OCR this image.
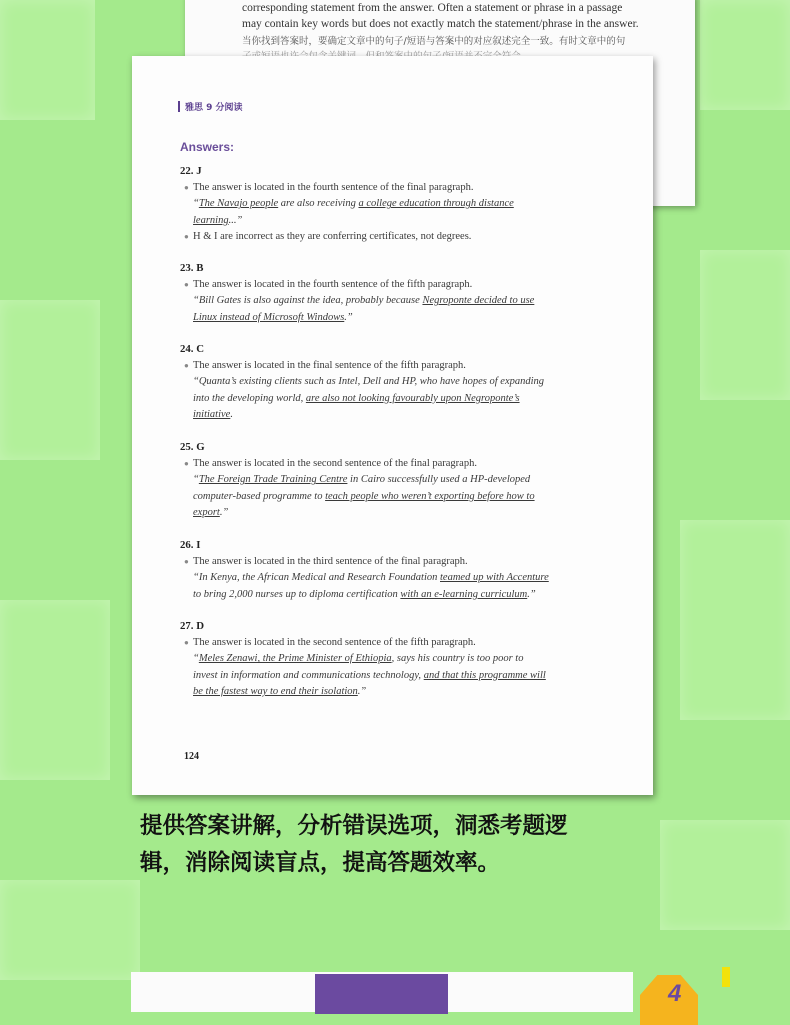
corresponding statement from the answer. Often a statement or phrase in a passage
may contain key words but does not exactly match the statement/phrase in the answer.
当你找到答案时，要确定文章中的句子/短语与答案中的对应叙述完全一致。有时文章中的句
雅思 9 分阅读
Answers:
22. J
● The answer is located in the fourth sentence of the final paragraph.
“The Navajo people are also receiving a college education through distance
learning...”
● H & I are incorrect as they are conferring certificates, not degrees.
23. B
● The answer is located in the fourth sentence of the fifth paragraph.
“Bill Gates is also against the idea, probably because Negroponte decided to use
Linux instead of Microsoft Windows.”
24. C
● The answer is located in the final sentence of the fifth paragraph.
“Quanta’s existing clients such as Intel, Dell and HP, who have hopes of expanding
into the developing world, are also not looking favourably upon Negroponte’s
initiative.
25. G
● The answer is located in the second sentence of the final paragraph.
“The Foreign Trade Training Centre in Cairo successfully used a HP-developed
computer-based programme to teach people who weren’t exporting before how to
export.”
26. I
● The answer is located in the third sentence of the final paragraph.
“In Kenya, the African Medical and Research Foundation teamed up with Accenture
to bring 2,000 nurses up to diploma certification with an e-learning curriculum.”
27. D
● The answer is located in the second sentence of the fifth paragraph.
“Meles Zenawi, the Prime Minister of Ethiopia, says his country is too poor to
invest in information and communications technology, and that this programme will
be the fastest way to end their isolation.”
124
提供答案讲解，分析错误选项，洞悉考题逻
辑，消除阅读盲点，提高答题效率。
4
